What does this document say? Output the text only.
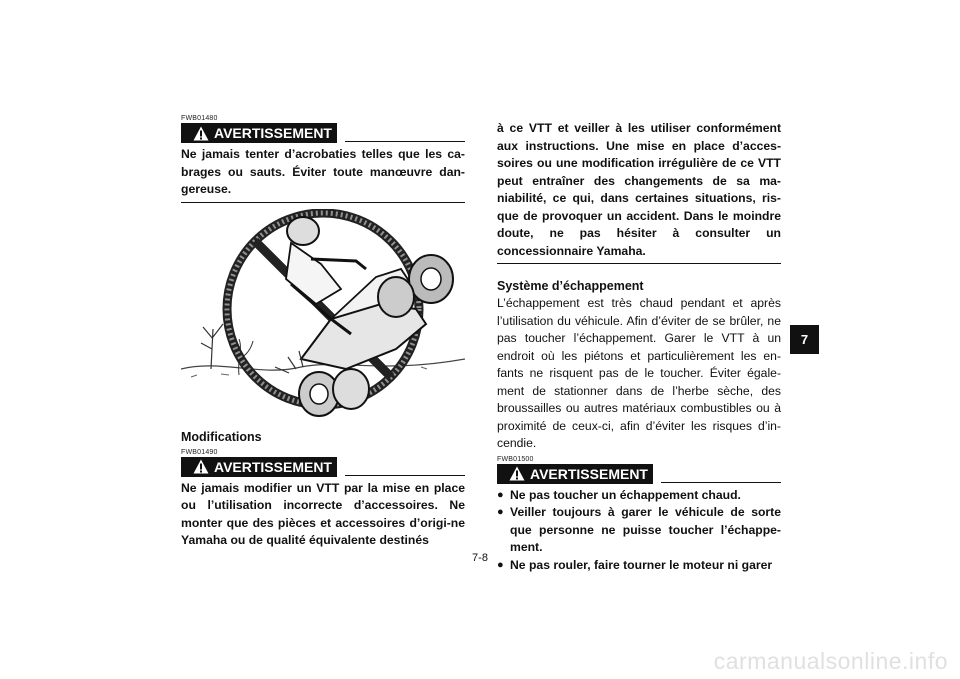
FWB01480
AVERTISSEMENT

Ne jamais tenter d’acrobaties telles que les ca-brages ou sauts. Éviter toute manœuvre dan-gereuse.

Modifications
FWB01490
AVERTISSEMENT

Ne jamais modifier un VTT par la mise en place ou l’utilisation incorrecte d’accessoires. Ne monter que des pièces et accessoires d’origi-ne Yamaha ou de qualité équivalente destinés

à ce VTT et veiller à les utiliser conformément aux instructions. Une mise en place d’acces-soires ou une modification irrégulière de ce VTT peut entraîner des changements de sa ma-niabilité, ce qui, dans certaines situations, ris-que de provoquer un accident. Dans le moindre doute, ne pas hésiter à consulter un concessionnaire Yamaha.

Système d’échappement

L’échappement est très chaud pendant et après l’utilisation du véhicule. Afin d’éviter de se brûler, ne pas toucher l’échappement. Garer le VTT à un endroit où les piétons et particulièrement les en-fants ne risquent pas de le toucher. Éviter égale-ment de stationner dans de l’herbe sèche, des broussailles ou autres matériaux combustibles ou à proximité de ceux-ci, afin d’éviter les risques d’in-cendie.

FWB01500
AVERTISSEMENT
● Ne pas toucher un échappement chaud.
● Veiller toujours à garer le véhicule de sorte que personne ne puisse toucher l’échappe-ment.
● Ne pas rouler, faire tourner le moteur ni garer
7-8
7
carmanualsonline.info
